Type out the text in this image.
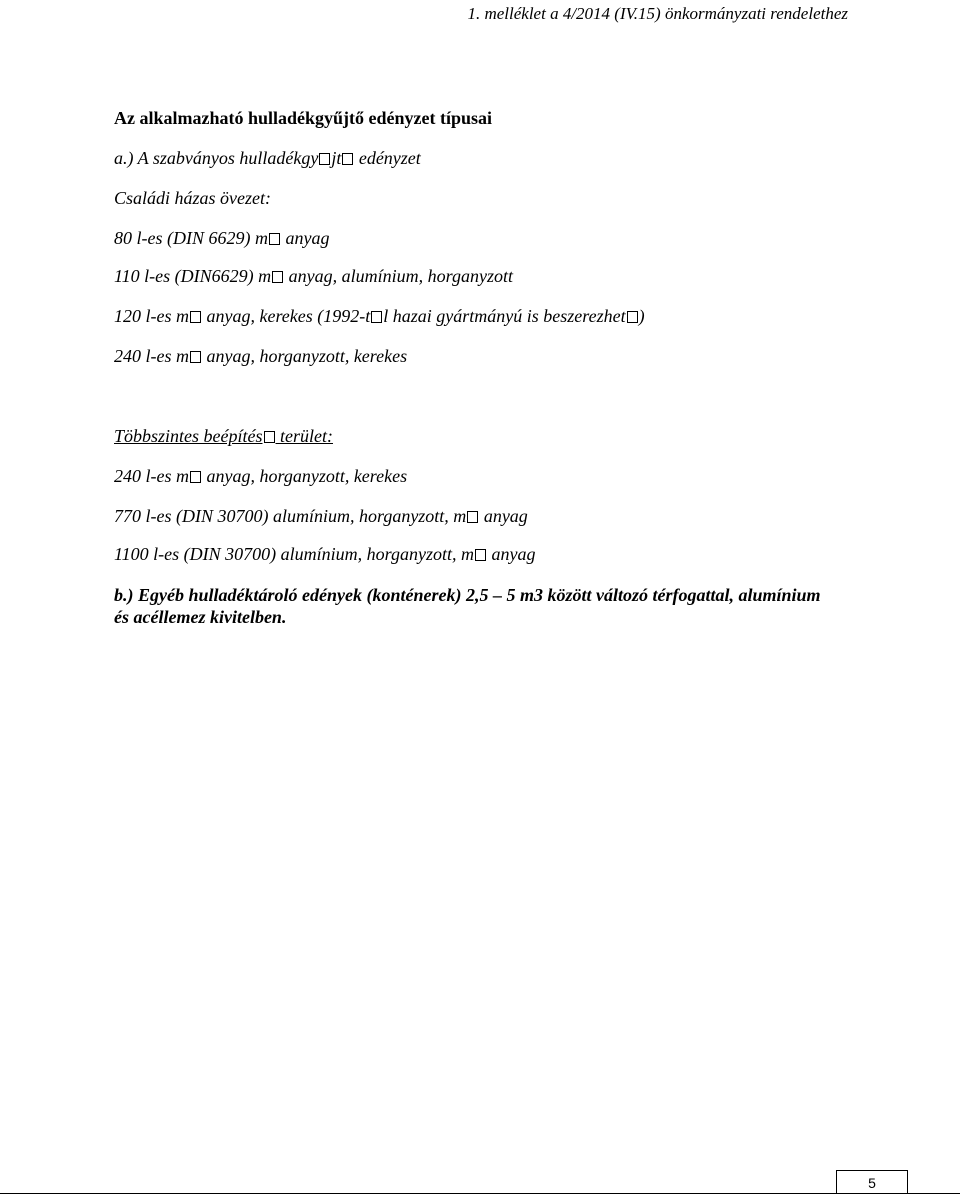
1. melléklet a 4/2014 (IV.15) önkormányzati rendelethez
Az alkalmazható hulladékgyűjtő edényzet típusai
a.) A szabványos hulladékgy jt edényzet
Családi házas övezet:
80 l-es (DIN 6629) m anyag
110 l-es (DIN6629) m anyag, alumínium, horganyzott
120 l-es m anyag, kerekes (1992-t l hazai gyártmányú is beszerezhet )
240 l-es m anyag, horganyzott, kerekes
Többszintes beépítés terület:
240 l-es m anyag, horganyzott, kerekes
770 l-es (DIN 30700) alumínium, horganyzott, m anyag
1100 l-es (DIN 30700) alumínium, horganyzott, m anyag
b.) Egyéb hulladéktároló edények (konténerek) 2,5 – 5 m3 között változó térfogattal, alumínium és acéllemez kivitelben.
5
